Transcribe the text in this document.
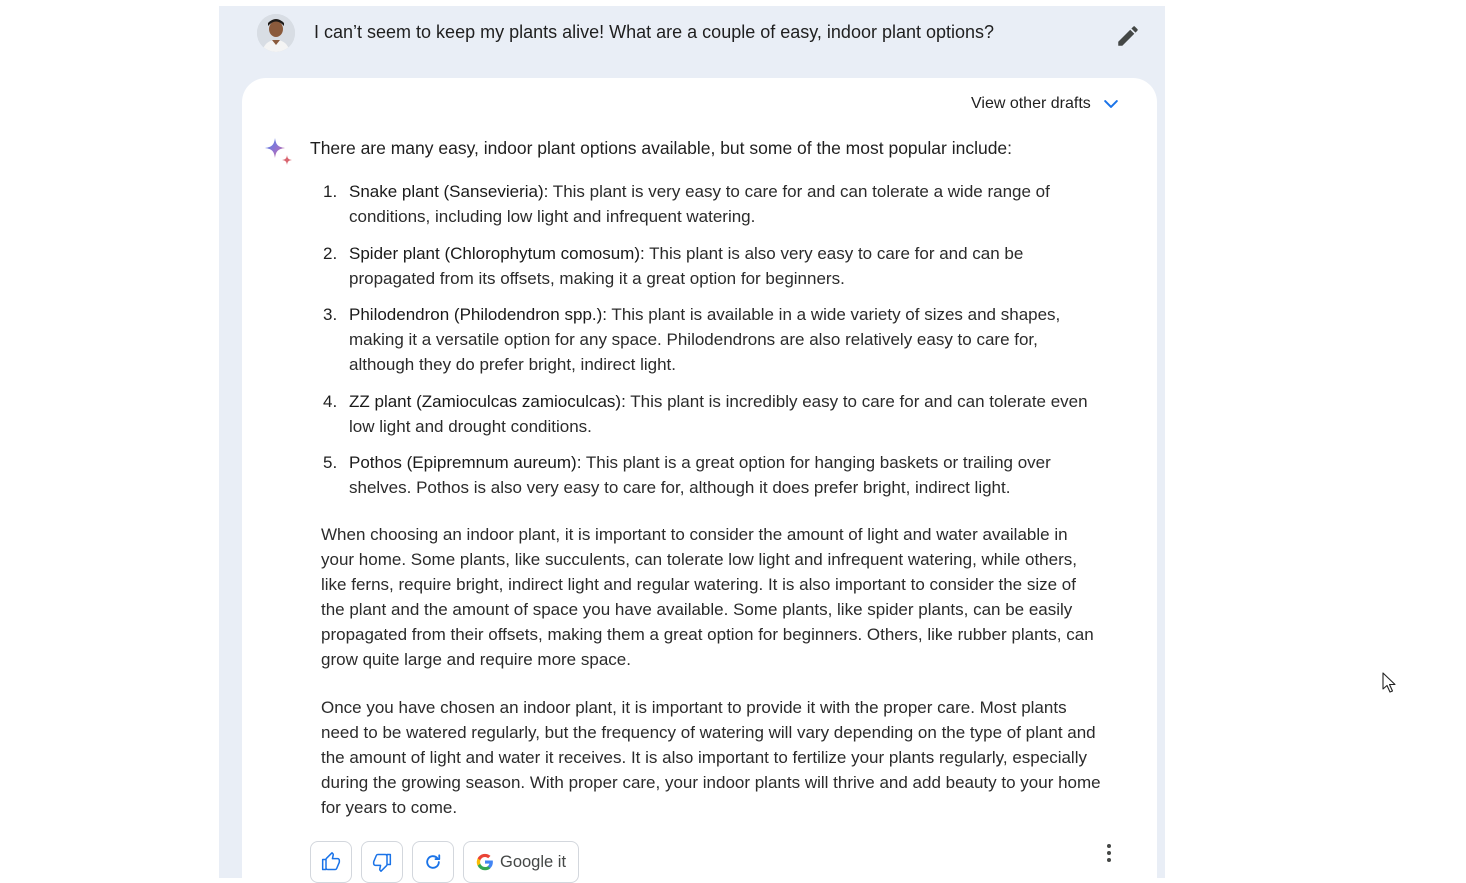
I can’t seem to keep my plants alive! What are a couple of easy, indoor plant options?
View other drafts
There are many easy, indoor plant options available, but some of the most popular include:
1. Snake plant (Sansevieria): This plant is very easy to care for and can tolerate a wide range of conditions, including low light and infrequent watering.
2. Spider plant (Chlorophytum comosum): This plant is also very easy to care for and can be propagated from its offsets, making it a great option for beginners.
3. Philodendron (Philodendron spp.): This plant is available in a wide variety of sizes and shapes, making it a versatile option for any space. Philodendrons are also relatively easy to care for, although they do prefer bright, indirect light.
4. ZZ plant (Zamioculcas zamioculcas): This plant is incredibly easy to care for and can tolerate even low light and drought conditions.
5. Pothos (Epipremnum aureum): This plant is a great option for hanging baskets or trailing over shelves. Pothos is also very easy to care for, although it does prefer bright, indirect light.

When choosing an indoor plant, it is important to consider the amount of light and water available in your home. Some plants, like succulents, can tolerate low light and infrequent watering, while others, like ferns, require bright, indirect light and regular watering. It is also important to consider the size of the plant and the amount of space you have available. Some plants, like spider plants, can be easily propagated from their offsets, making them a great option for beginners. Others, like rubber plants, can grow quite large and require more space.

Once you have chosen an indoor plant, it is important to provide it with the proper care. Most plants need to be watered regularly, but the frequency of watering will vary depending on the type of plant and the amount of light and water it receives. It is also important to fertilize your plants regularly, especially during the growing season. With proper care, your indoor plants will thrive and add beauty to your home for years to come.

Google it
